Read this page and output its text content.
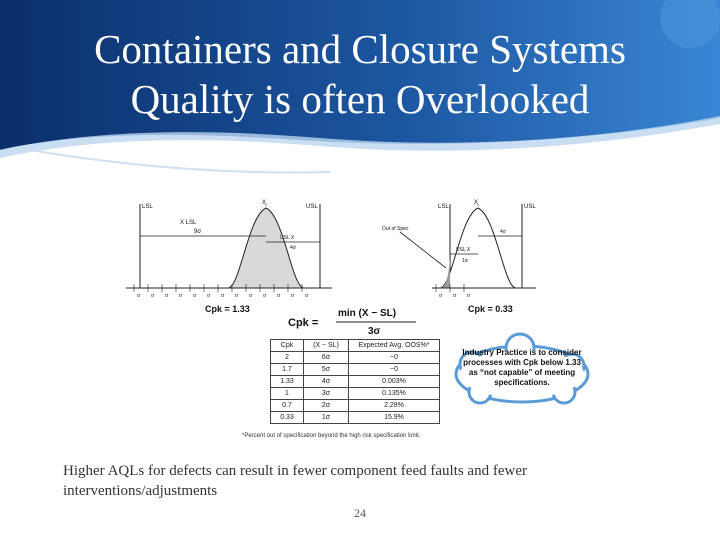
Containers and Closure Systems
Quality is often Overlooked
LSL	USL
X
X LSL
9σ
USL X
4σ
σ σ σ σ σ σ σ σ σ σ σ σ σ
Cpk = 1.33
LSL	USL
X
Out of Spec	4σ
USL X
1σ
σ σ σ
Cpk = 0.33
Cpk =
min (X − SL)
3σ
Industry Practice is to consider processes with Cpk below 1.33 as “not capable” of meeting specifications.
Cpk	(X − SL)	Expected Avg. OOS%*
2	6σ	~0
1.7	5σ	~0
1.33	4σ	0.003%
1	3σ	0.135%
0.7	2σ	2.28%
0.33	1σ	15.9%
*Percent out of specification beyond the high risk specification limit.

Higher AQLs for defects can result in fewer component feed faults and fewer interventions/adjustments

24
